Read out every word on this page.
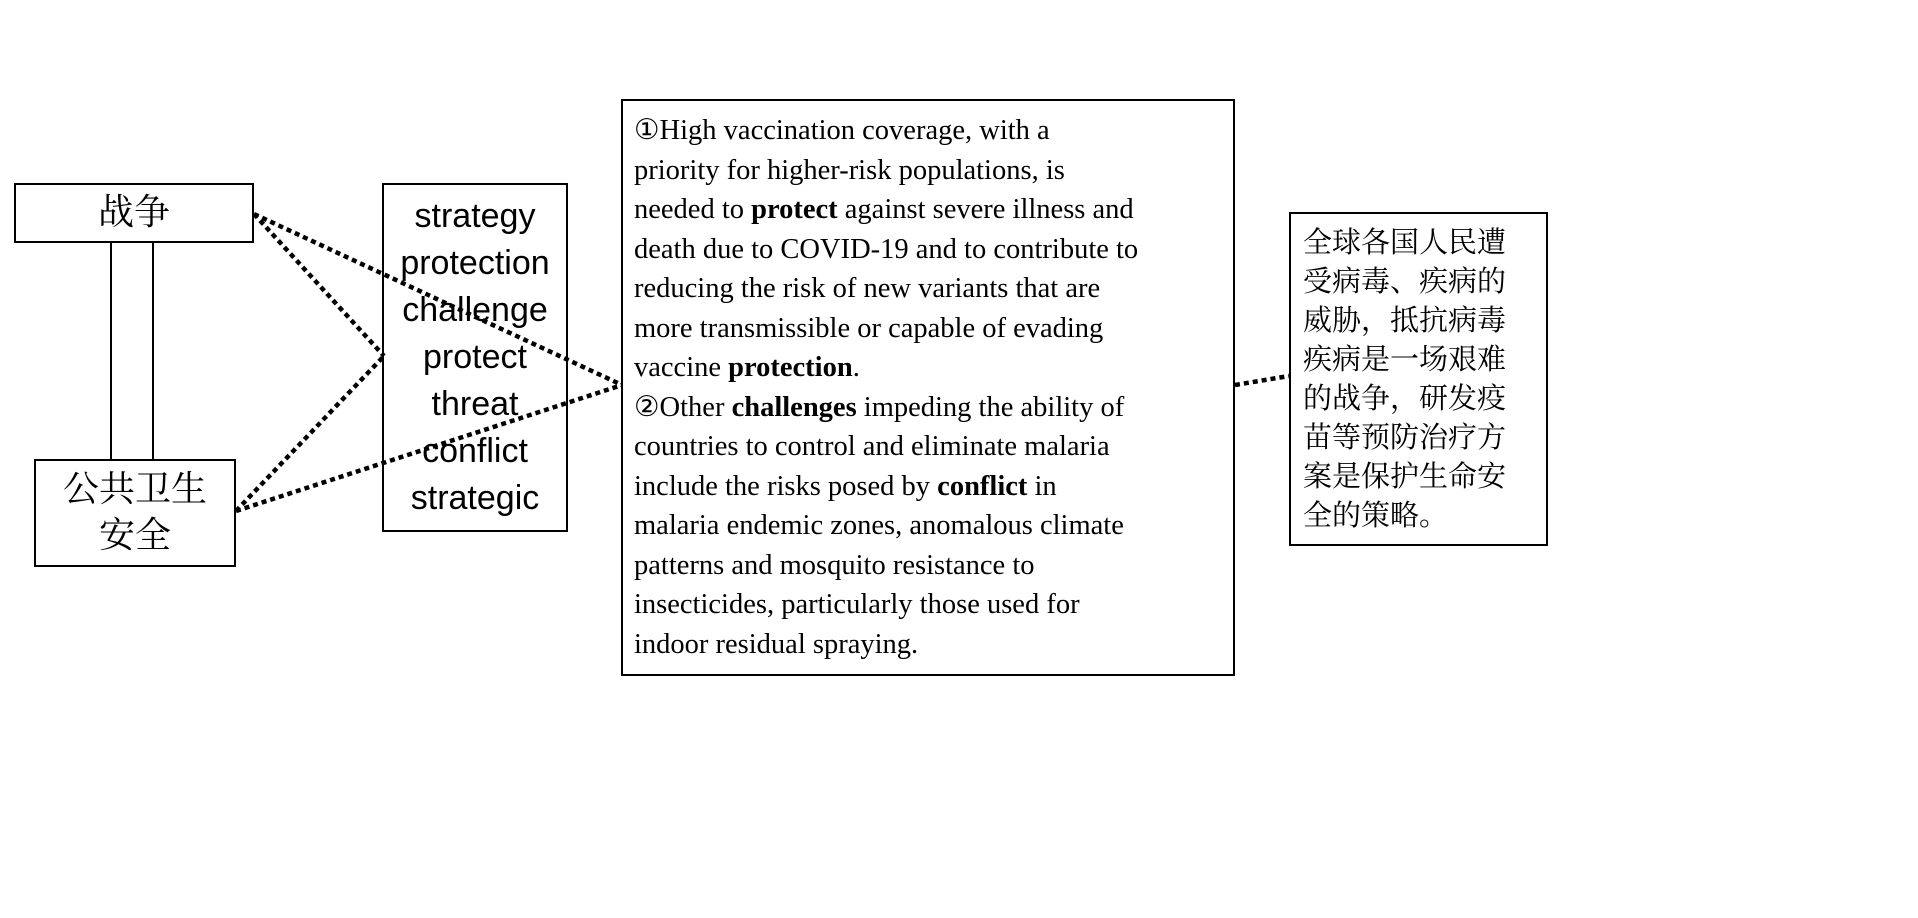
战争
公共卫生
安全
strategy
protection
challenge
protect
threat
conflict
strategic

①High vaccination coverage, with a
priority for higher-risk populations, is
needed to protect against severe illness and
death due to COVID-19 and to contribute to
reducing the risk of new variants that are
more transmissible or capable of evading
vaccine protection.

②Other challenges impeding the ability of
countries to control and eliminate malaria
include the risks posed by conflict in
malaria endemic zones, anomalous climate
patterns and mosquito resistance to
insecticides, particularly those used for
indoor residual spraying.

全球各国人民遭
受病毒、疾病的
威胁，抵抗病毒
疾病是一场艰难
的战争，研发疫
苗等预防治疗方
案是保护生命安
全的策略。
